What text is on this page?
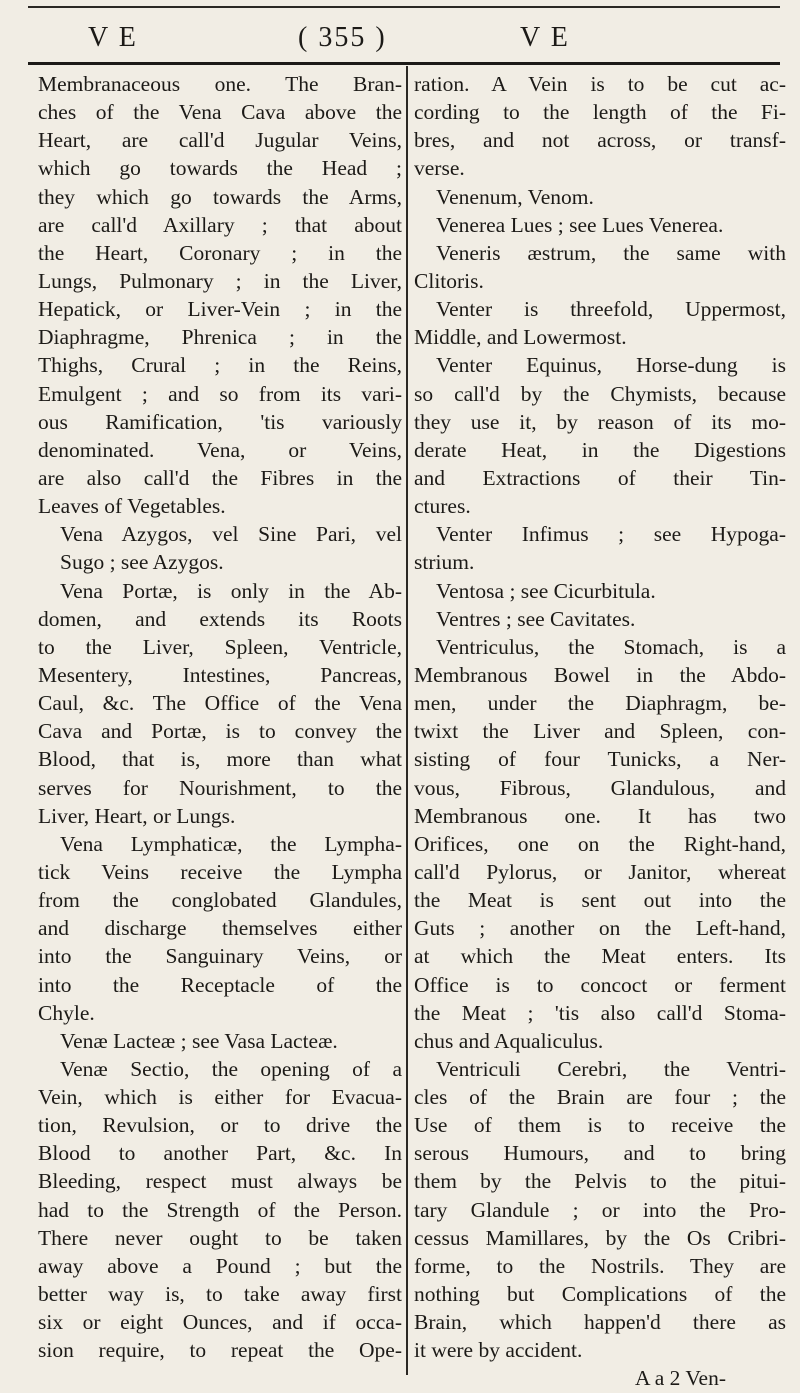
V E	( 355 )	V E
Membranaceous one. The Bran-
ches of the Vena Cava above the
Heart, are call'd Jugular Veins,
which go towards the Head ;
they which go towards the Arms,
are call'd Axillary ; that about
the Heart, Coronary ; in the
Lungs, Pulmonary ; in the Liver,
Hepatick, or Liver-Vein ; in the
Diaphragme, Phrenica ; in the
Thighs, Crural ; in the Reins,
Emulgent ; and so from its vari-
ous Ramification, 'tis variously
denominated. Vena, or Veins,
are also call'd the Fibres in the
Leaves of Vegetables.
Vena Azygos, vel Sine Pari, vel
Sugo ; see Azygos.
Vena Portæ, is only in the Ab-
domen, and extends its Roots
to the Liver, Spleen, Ventricle,
Mesentery, Intestines, Pancreas,
Caul, &c. The Office of the Vena
Cava and Portæ, is to convey the
Blood, that is, more than what
serves for Nourishment, to the
Liver, Heart, or Lungs.
Vena Lymphaticæ, the Lympha-
tick Veins receive the Lympha
from the conglobated Glandules,
and discharge themselves either
into the Sanguinary Veins, or
into the Receptacle of the
Chyle.
Venæ Lacteæ ; see Vasa Lacteæ.
Venæ Sectio, the opening of a
Vein, which is either for Evacua-
tion, Revulsion, or to drive the
Blood to another Part, &c. In
Bleeding, respect must always be
had to the Strength of the Person.
There never ought to be taken
away above a Pound ; but the
better way is, to take away first
six or eight Ounces, and if occa-
sion require, to repeat the Ope-
ration. A Vein is to be cut ac-
cording to the length of the Fi-
bres, and not across, or transf-
verse.
Venenum, Venom.
Venerea Lues ; see Lues Venerea.
Veneris æstrum, the same with
Clitoris.
Venter is threefold, Uppermost,
Middle, and Lowermost.
Venter Equinus, Horse-dung is
so call'd by the Chymists, because
they use it, by reason of its mo-
derate Heat, in the Digestions
and Extractions of their Tin-
ctures.
Venter Infimus ; see Hypoga-
strium.
Ventosa ; see Cicurbitula.
Ventres ; see Cavitates.
Ventriculus, the Stomach, is a
Membranous Bowel in the Abdo-
men, under the Diaphragm, be-
twixt the Liver and Spleen, con-
sisting of four Tunicks, a Ner-
vous, Fibrous, Glandulous, and
Membranous one. It has two
Orifices, one on the Right-hand,
call'd Pylorus, or Janitor, whereat
the Meat is sent out into the
Guts ; another on the Left-hand,
at which the Meat enters. Its
Office is to concoct or ferment
the Meat ; 'tis also call'd Stoma-
chus and Aqualiculus.
Ventriculi Cerebri, the Ventri-
cles of the Brain are four ; the
Use of them is to receive the
serous Humours, and to bring
them by the Pelvis to the pitui-
tary Glandule ; or into the Pro-
cessus Mamillares, by the Os Cribri-
forme, to the Nostrils. They are
nothing but Complications of the
Brain, which happen'd there as
it were by accident.
A a 2 Ven-
